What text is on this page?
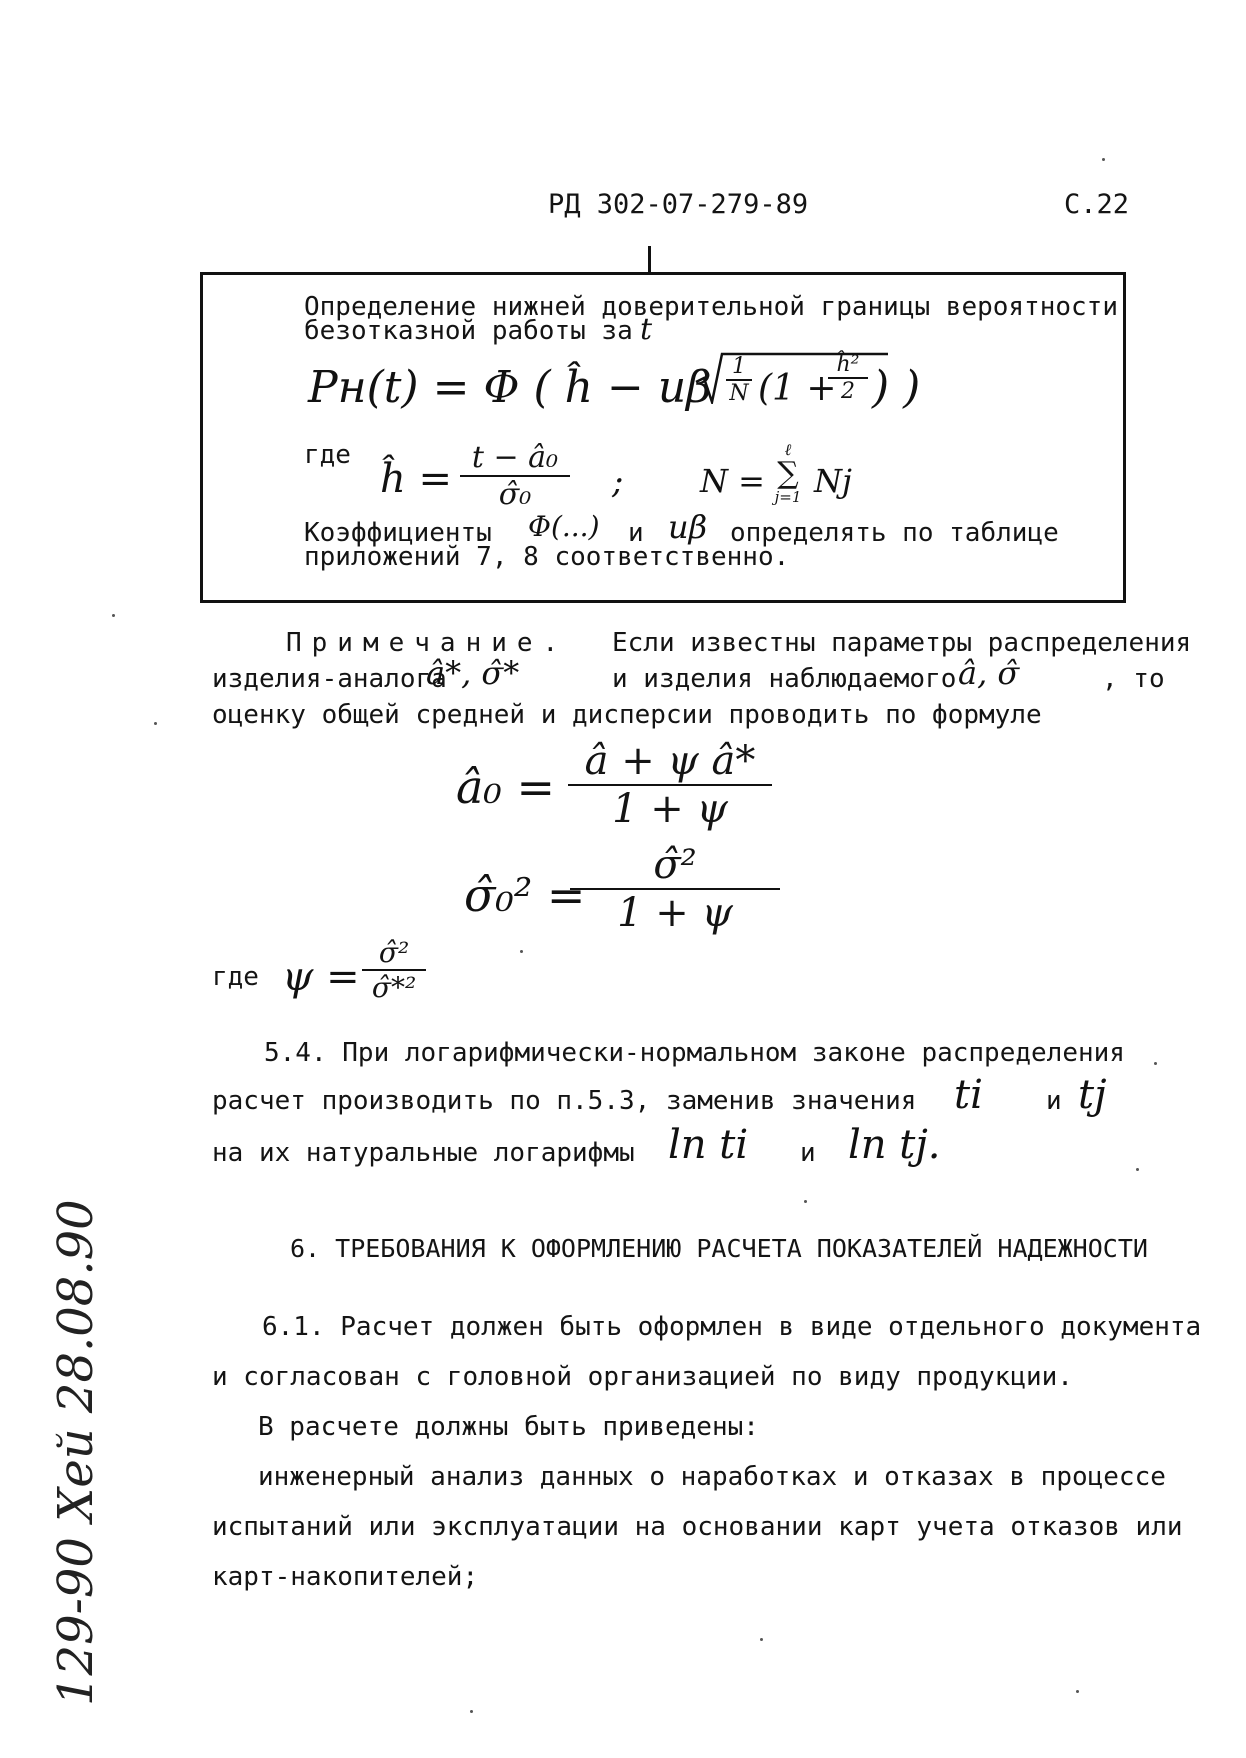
РД 302-07-279-89	С.22
Определение нижней доверительной границы вероятности
безотказной работы за t
Pн(t) = Φ ( ĥ − uβ 1
N (1 +
ĥ²
2 ) )
где
ĥ = t − â₀
σ̂₀ ; N =
ℓ
∑
j=1 Nj
Коэффициенты Φ(...) и uβ определять по таблице
приложений 7, 8 соответственно.
Примечание. Если известны параметры распределения
изделия-аналога
â*, σ̂*	и изделия наблюдаемого â, σ̂	, то
оценку общей средней и дисперсии проводить по формуле
â₀ = â + ψ â*
1 + ψ
σ̂₀² =
σ̂²
1 + ψ
где ψ =
σ̂²
σ̂*²
5.4. При логарифмически-нормальном законе распределения
расчет производить по п.5.3, заменив значения ti и tj
на их натуральные логарифмы ln ti и ln tj.
6. ТРЕБОВАНИЯ К ОФОРМЛЕНИЮ РАСЧЕТА ПОКАЗАТЕЛЕЙ НАДЕЖНОСТИ
6.1. Расчет должен быть оформлен в виде отдельного документа
и согласован с головной организацией по виду продукции.
В расчете должны быть приведены:
инженерный анализ данных о наработках и отказах в процессе
испытаний или эксплуатации на основании карт учета отказов или
карт-накопителей;
129-90 Хей 28.08.90
